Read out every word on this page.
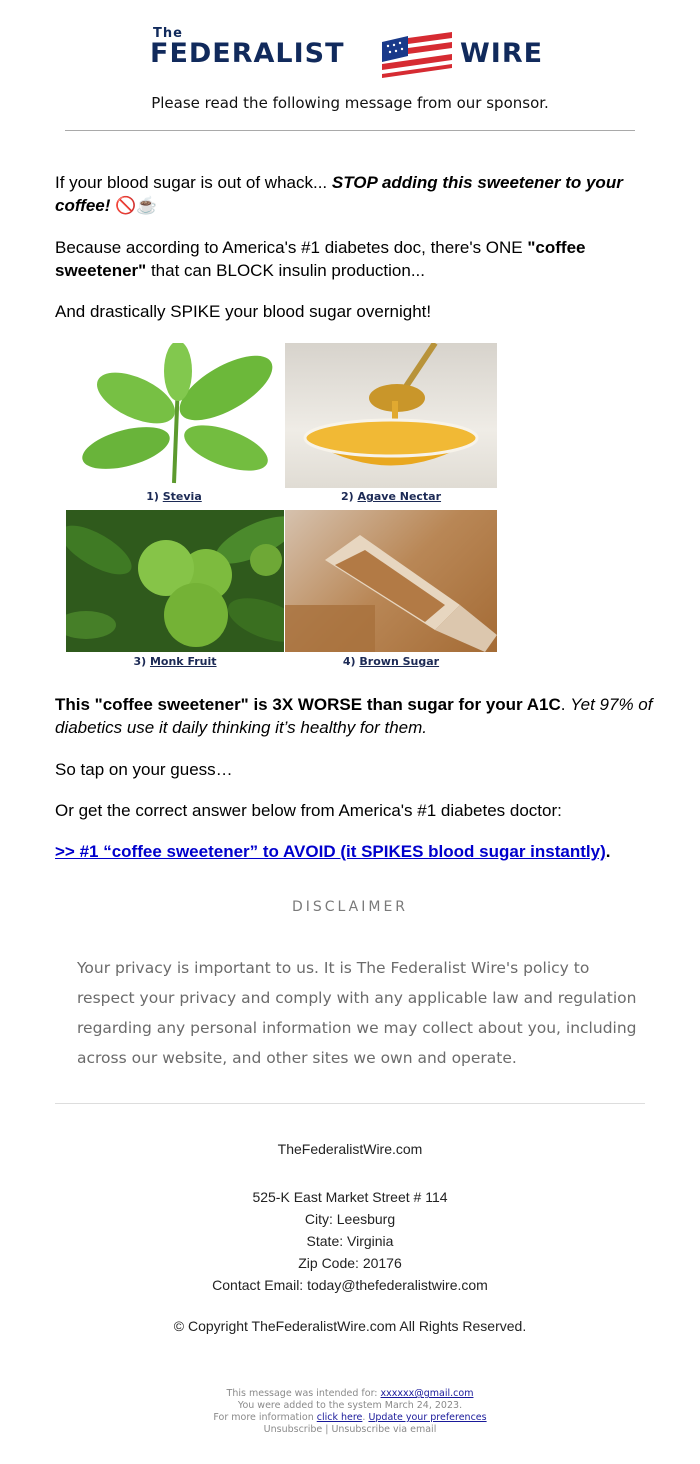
The
FEDERALIST	WIRE
Please read the following message from our sponsor.
If your blood sugar is out of whack... STOP adding this sweetener to your coffee! 🚫☕
Because according to America's #1 diabetes doc, there's ONE "coffee sweetener" that can BLOCK insulin production...
And drastically SPIKE your blood sugar overnight!
1) Stevia	2) Agave Nectar
3) Monk Fruit	4) Brown Sugar
This "coffee sweetener" is 3X WORSE than sugar for your A1C. Yet 97% of diabetics use it daily thinking it’s healthy for them.
So tap on your guess…
Or get the correct answer below from America's #1 diabetes doctor:
>> #1 “coffee sweetener” to AVOID (it SPIKES blood sugar instantly).
DISCLAIMER
Your privacy is important to us. It is The Federalist Wire's policy to respect your privacy and comply with any applicable law and regulation regarding any personal information we may collect about you, including across our website, and other sites we own and operate.
TheFederalistWire.com
525-K East Market Street # 114
City: Leesburg
State: Virginia
Zip Code: 20176
Contact Email: today@thefederalistwire.com
© Copyright TheFederalistWire.com All Rights Reserved.
This message was intended for: xxxxxx@gmail.com
You were added to the system March 24, 2023.
For more information click here. Update your preferences
Unsubscribe | Unsubscribe via email
